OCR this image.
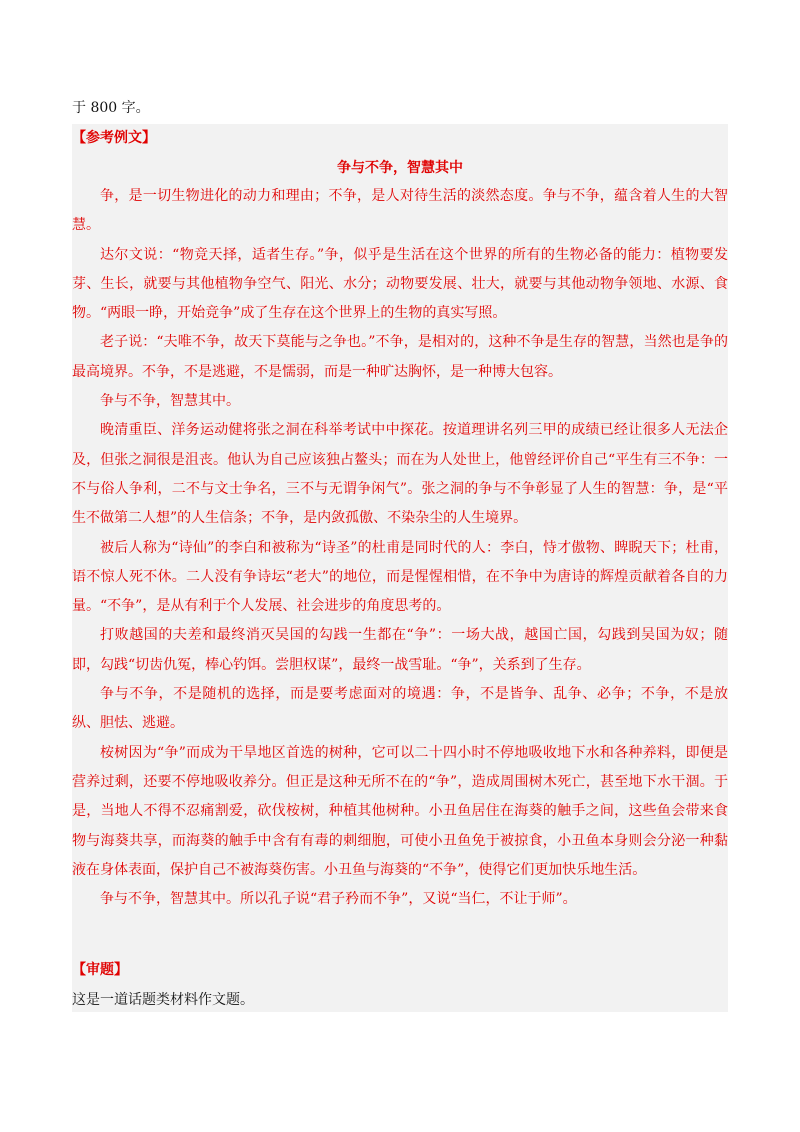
于 800 字。
【参考例文】
争与不争，智慧其中

争，是一切生物进化的动力和理由；不争，是人对待生活的淡然态度。争与不争，蕴含着人生的大智慧。

达尔文说：“物竞天择，适者生存。”争，似乎是生活在这个世界的所有的生物必备的能力：植物要发芽、生长，就要与其他植物争空气、阳光、水分；动物要发展、壮大，就要与其他动物争领地、水源、食物。“两眼一睁，开始竞争”成了生存在这个世界上的生物的真实写照。

老子说：“夫唯不争，故天下莫能与之争也。”不争，是相对的，这种不争是生存的智慧，当然也是争的最高境界。不争，不是逃避，不是懦弱，而是一种旷达胸怀，是一种博大包容。

争与不争，智慧其中。

晚清重臣、洋务运动健将张之洞在科举考试中中探花。按道理讲名列三甲的成绩已经让很多人无法企及，但张之洞很是沮丧。他认为自己应该独占鳌头；而在为人处世上，他曾经评价自己“平生有三不争：一不与俗人争利，二不与文士争名，三不与无谓争闲气”。张之洞的争与不争彰显了人生的智慧：争，是“平生不做第二人想”的人生信条；不争，是内敛孤傲、不染杂尘的人生境界。

被后人称为“诗仙”的李白和被称为“诗圣”的杜甫是同时代的人：李白，恃才傲物、睥睨天下；杜甫，语不惊人死不休。二人没有争诗坛“老大”的地位，而是惺惺相惜，在不争中为唐诗的辉煌贡献着各自的力量。“不争”，是从有利于个人发展、社会进步的角度思考的。

打败越国的夫差和最终消灭吴国的勾践一生都在“争”：一场大战，越国亡国，勾践到吴国为奴；随即，勾践“切齿仇冤，棒心钓饵。尝胆权谋”，最终一战雪耻。“争”，关系到了生存。

争与不争，不是随机的选择，而是要考虑面对的境遇：争，不是皆争、乱争、必争；不争，不是放纵、胆怯、逃避。

桉树因为“争”而成为干旱地区首选的树种，它可以二十四小时不停地吸收地下水和各种养料，即便是营养过剩，还要不停地吸收养分。但正是这种无所不在的“争”，造成周围树木死亡，甚至地下水干涸。于是，当地人不得不忍痛割爱，砍伐桉树，种植其他树种。小丑鱼居住在海葵的触手之间，这些鱼会带来食物与海葵共享，而海葵的触手中含有有毒的刺细胞，可使小丑鱼免于被掠食，小丑鱼本身则会分泌一种黏液在身体表面，保护自己不被海葵伤害。小丑鱼与海葵的“不争”，使得它们更加快乐地生活。

争与不争，智慧其中。所以孔子说“君子矜而不争”，又说“当仁，不让于师”。

【审题】
这是一道话题类材料作文题。
